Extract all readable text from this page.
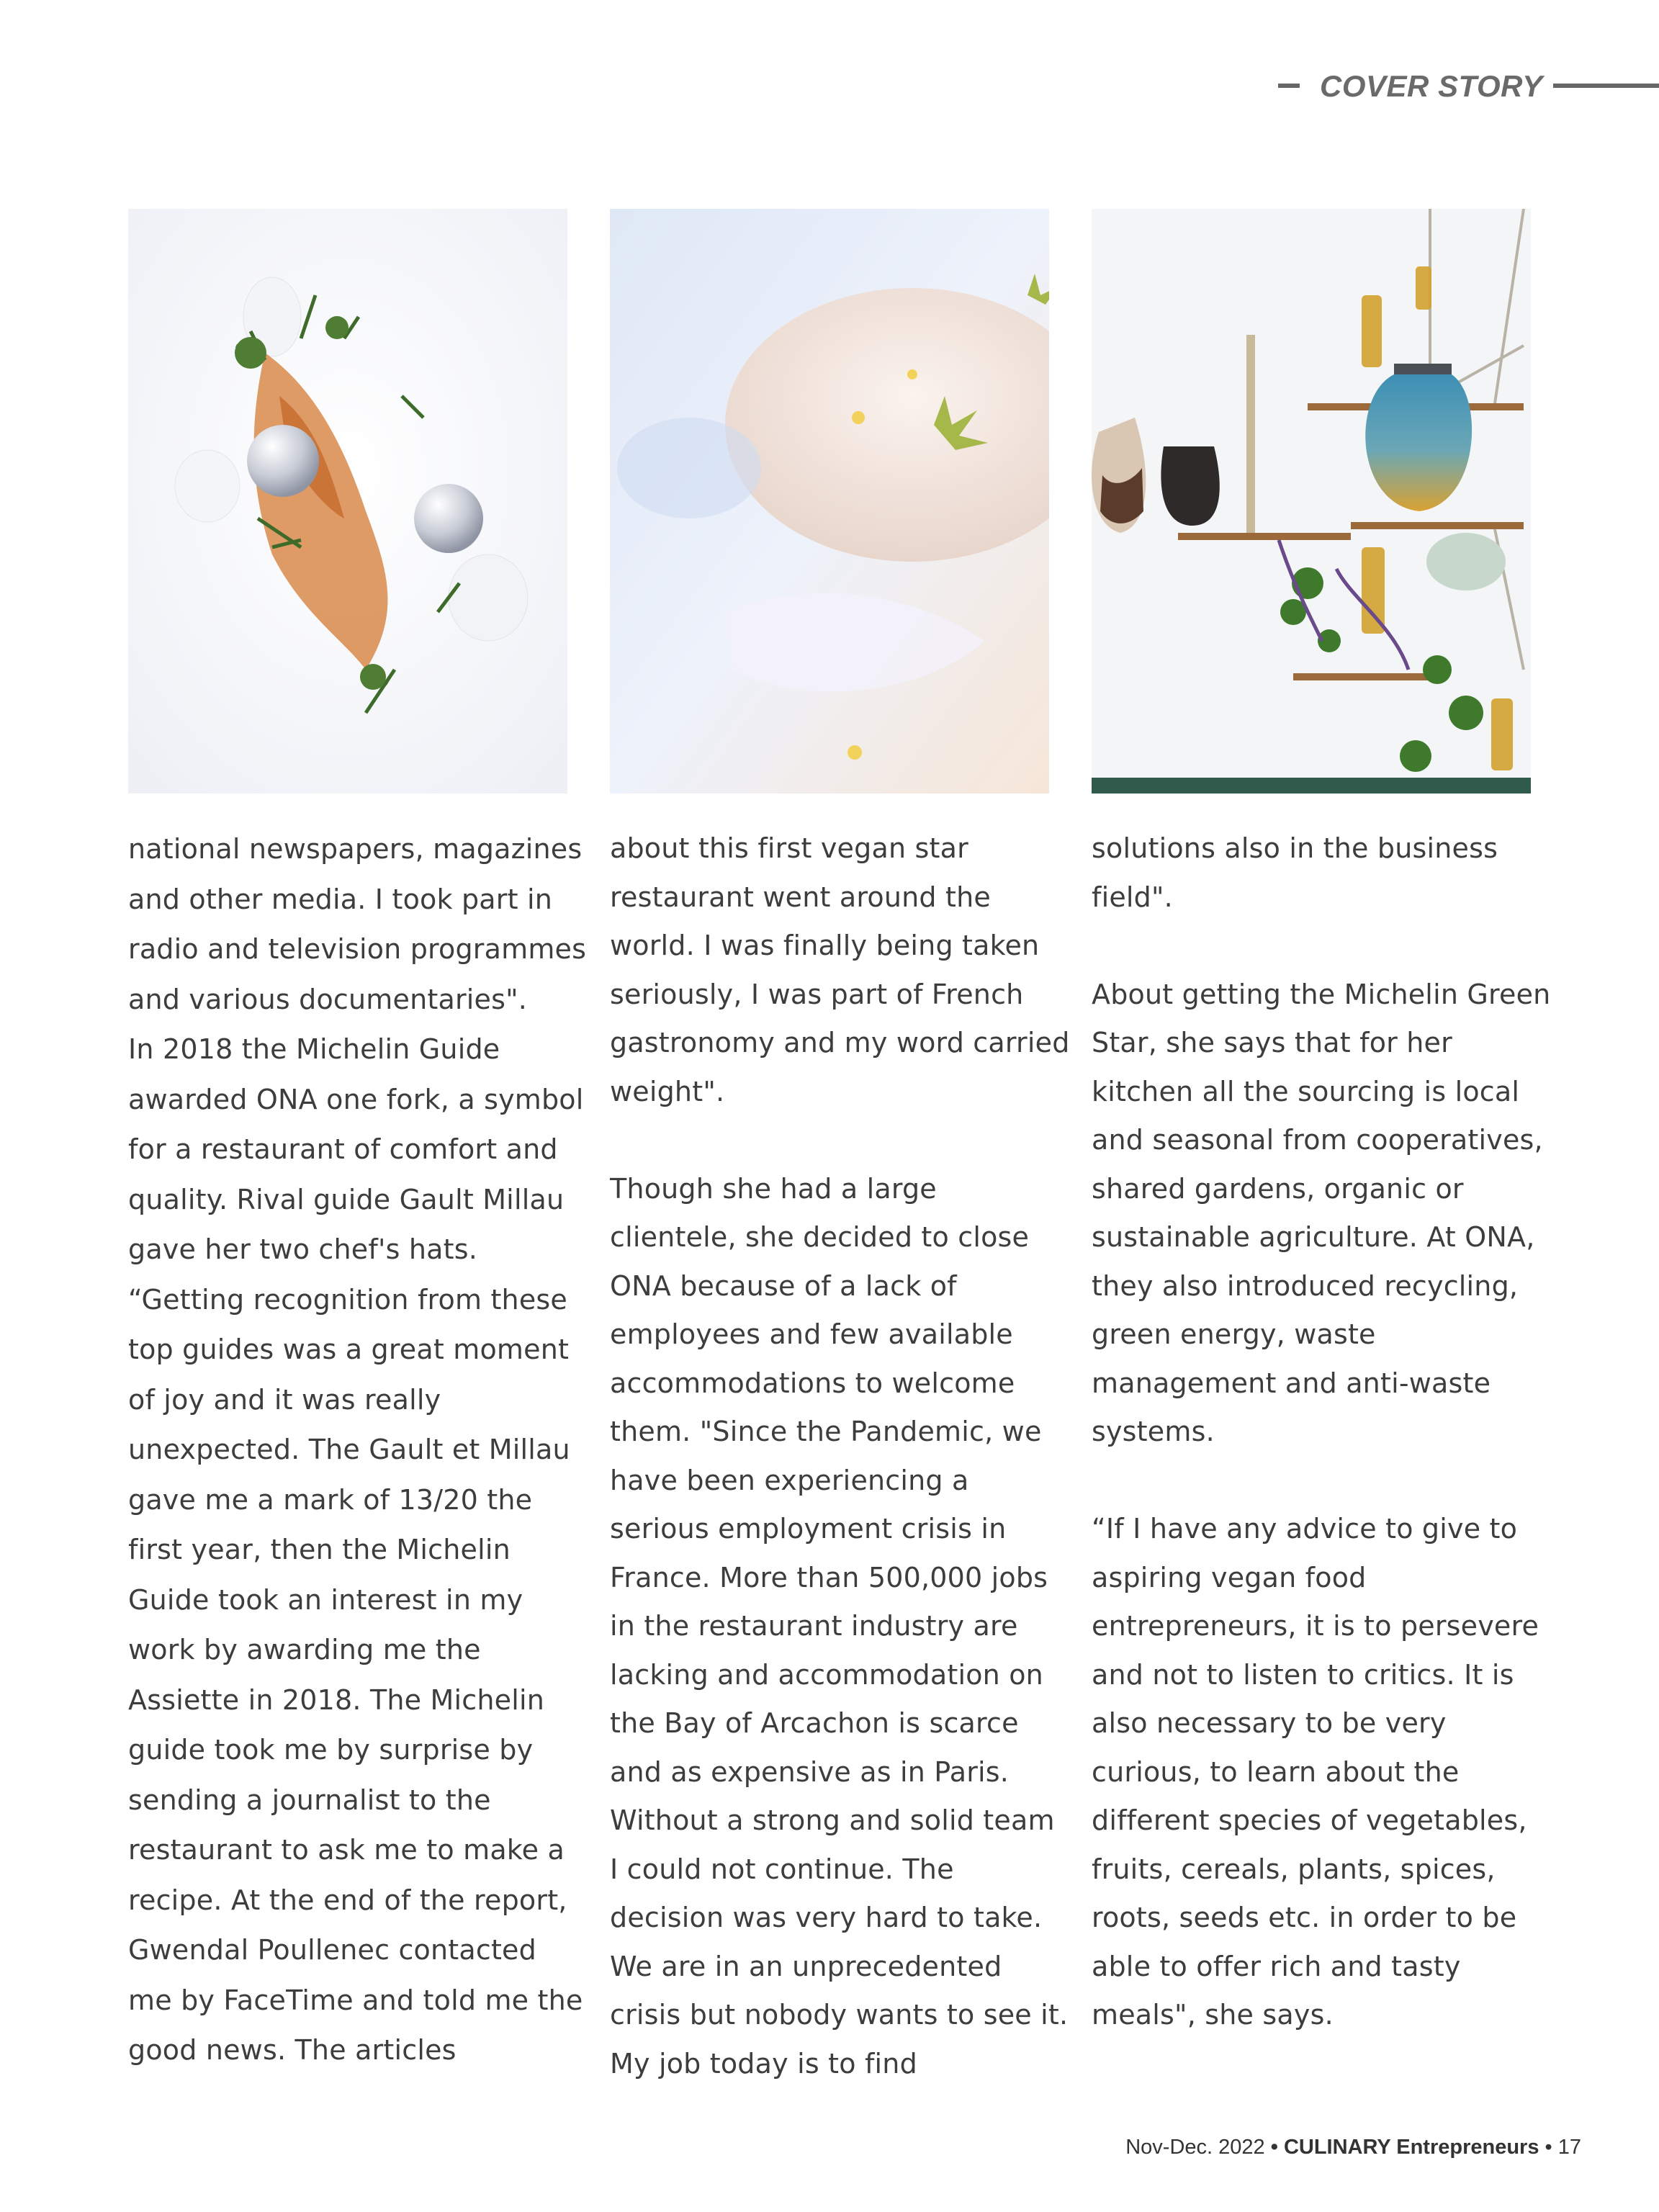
COVER STORY

national newspapers, magazines and other media. I took part in radio and television programmes and various documentaries".

In 2018 the Michelin Guide awarded ONA one fork, a symbol for a restaurant of comfort and quality. Rival guide Gault Millau gave her two chef's hats. “Getting recognition from these top guides was a great moment of joy and it was really unexpected. The Gault et Millau gave me a mark of 13/20 the first year, then the Michelin Guide took an interest in my work by awarding me the Assiette in 2018. The Michelin guide took me by surprise by sending a journalist to the restaurant to ask me to make a recipe. At the end of the report, Gwendal Poullenec contacted me by FaceTime and told me the good news. The articles

about this first vegan star restaurant went around the world. I was finally being taken seriously, I was part of French gastronomy and my word carried weight".

Though she had a large clientele, she decided to close ONA because of a lack of employees and few available accommodations to welcome them. "Since the Pandemic, we have been experiencing a serious employment crisis in France. More than 500,000 jobs in the restaurant industry are lacking and accommodation on the Bay of Arcachon is scarce and as expensive as in Paris. Without a strong and solid team I could not continue. The decision was very hard to take. We are in an unprecedented crisis but nobody wants to see it. My job today is to find

solutions also in the business field".

About getting the Michelin Green Star, she says that for her kitchen all the sourcing is local and seasonal from cooperatives, shared gardens, organic or sustainable agriculture. At ONA, they also introduced recycling, green energy, waste management and anti-waste systems.

“If I have any advice to give to aspiring vegan food entrepreneurs, it is to persevere and not to listen to critics. It is also necessary to be very curious, to learn about the different species of vegetables, fruits, cereals, plants, spices, roots, seeds etc. in order to be able to offer rich and tasty meals", she says.

Nov-Dec. 2022 • CULINARY Entrepreneurs • 17
